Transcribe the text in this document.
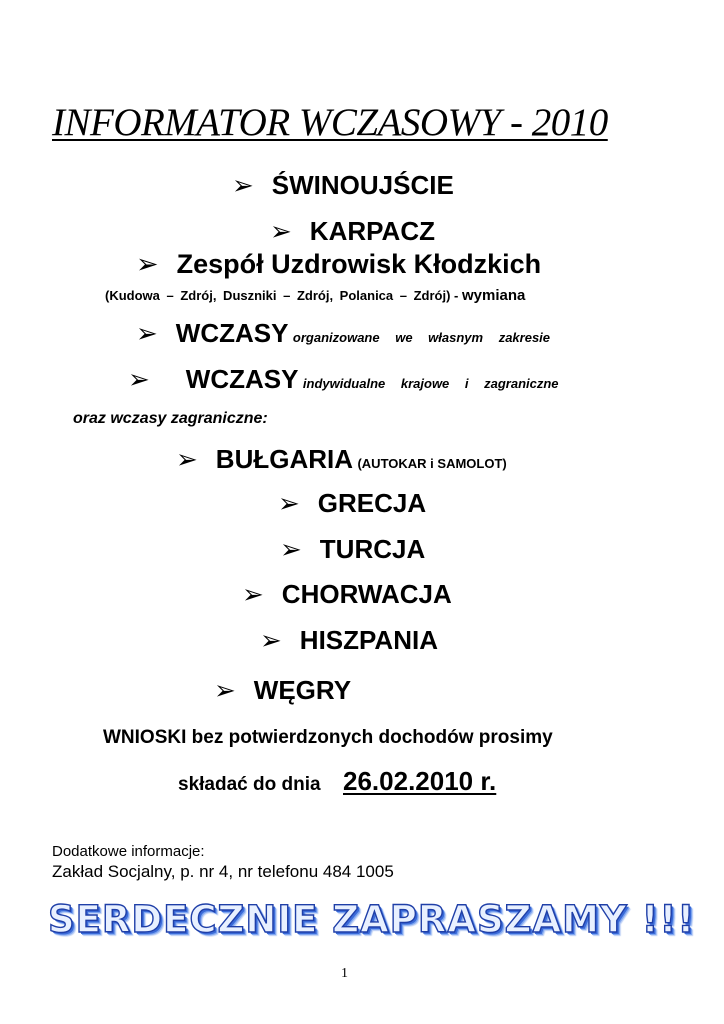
INFORMATOR WCZASOWY - 2010
➢ ŚWINOUJŚCIE
➢ KARPACZ
➢ Zespół Uzdrowisk Kłodzkich
(Kudowa – Zdrój, Duszniki – Zdrój, Polanica – Zdrój) - wymiana
➢ WCZASY organizowane we własnym zakresie
➢ WCZASY indywidualne krajowe i zagraniczne
oraz wczasy zagraniczne:
➢ BUŁGARIA (AUTOKAR i SAMOLOT)
➢ GRECJA
➢ TURCJA
➢ CHORWACJA
➢ HISZPANIA
➢ WĘGRY
WNIOSKI bez potwierdzonych dochodów prosimy
składać do dnia 26.02.2010 r.
Dodatkowe informacje:
Zakład Socjalny, p. nr 4, nr telefonu 484 1005
SERDECZNIE ZAPRASZAMY !!!
1
